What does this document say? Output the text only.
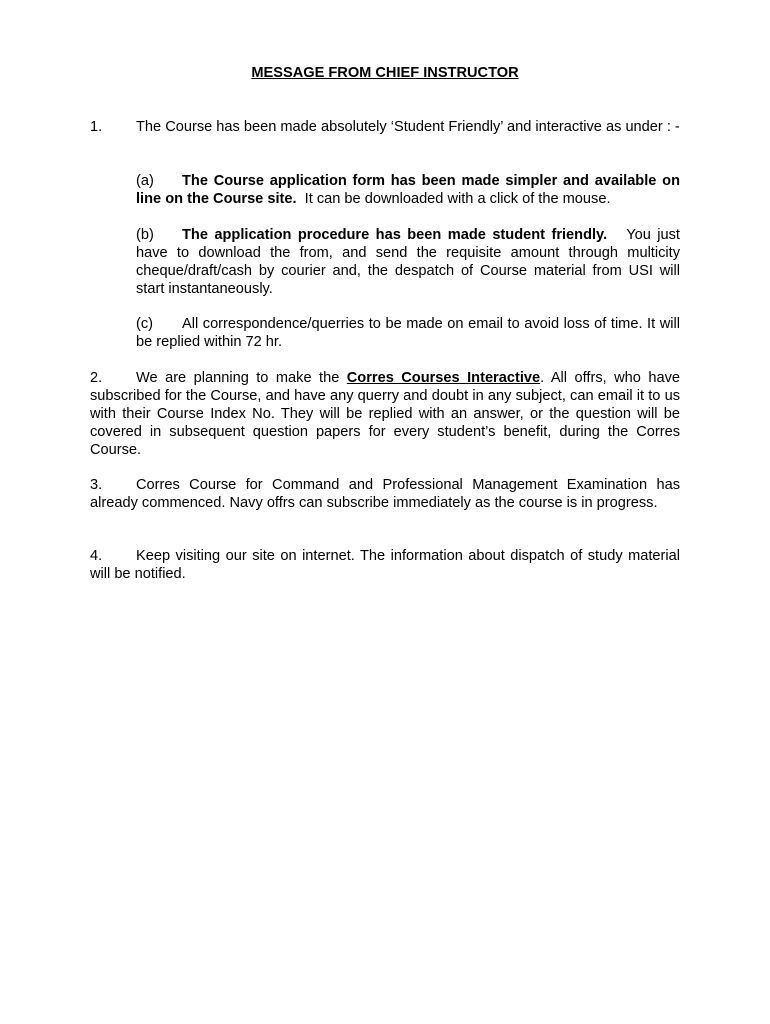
MESSAGE FROM CHIEF INSTRUCTOR

1. The Course has been made absolutely ‘Student Friendly’ and interactive as under : -

(a) The Course application form has been made simpler and available on line on the Course site. It can be downloaded with a click of the mouse.

(b) The application procedure has been made student friendly. You just have to download the from, and send the requisite amount through multicity cheque/draft/cash by courier and, the despatch of Course material from USI will start instantaneously.

(c) All correspondence/querries to be made on email to avoid loss of time. It will be replied within 72 hr.

2. We are planning to make the Corres Courses Interactive. All offrs, who have subscribed for the Course, and have any querry and doubt in any subject, can email it to us with their Course Index No. They will be replied with an answer, or the question will be covered in subsequent question papers for every student’s benefit, during the Corres Course.

3. Corres Course for Command and Professional Management Examination has already commenced. Navy offrs can subscribe immediately as the course is in progress.

4. Keep visiting our site on internet. The information about dispatch of study material will be notified.
